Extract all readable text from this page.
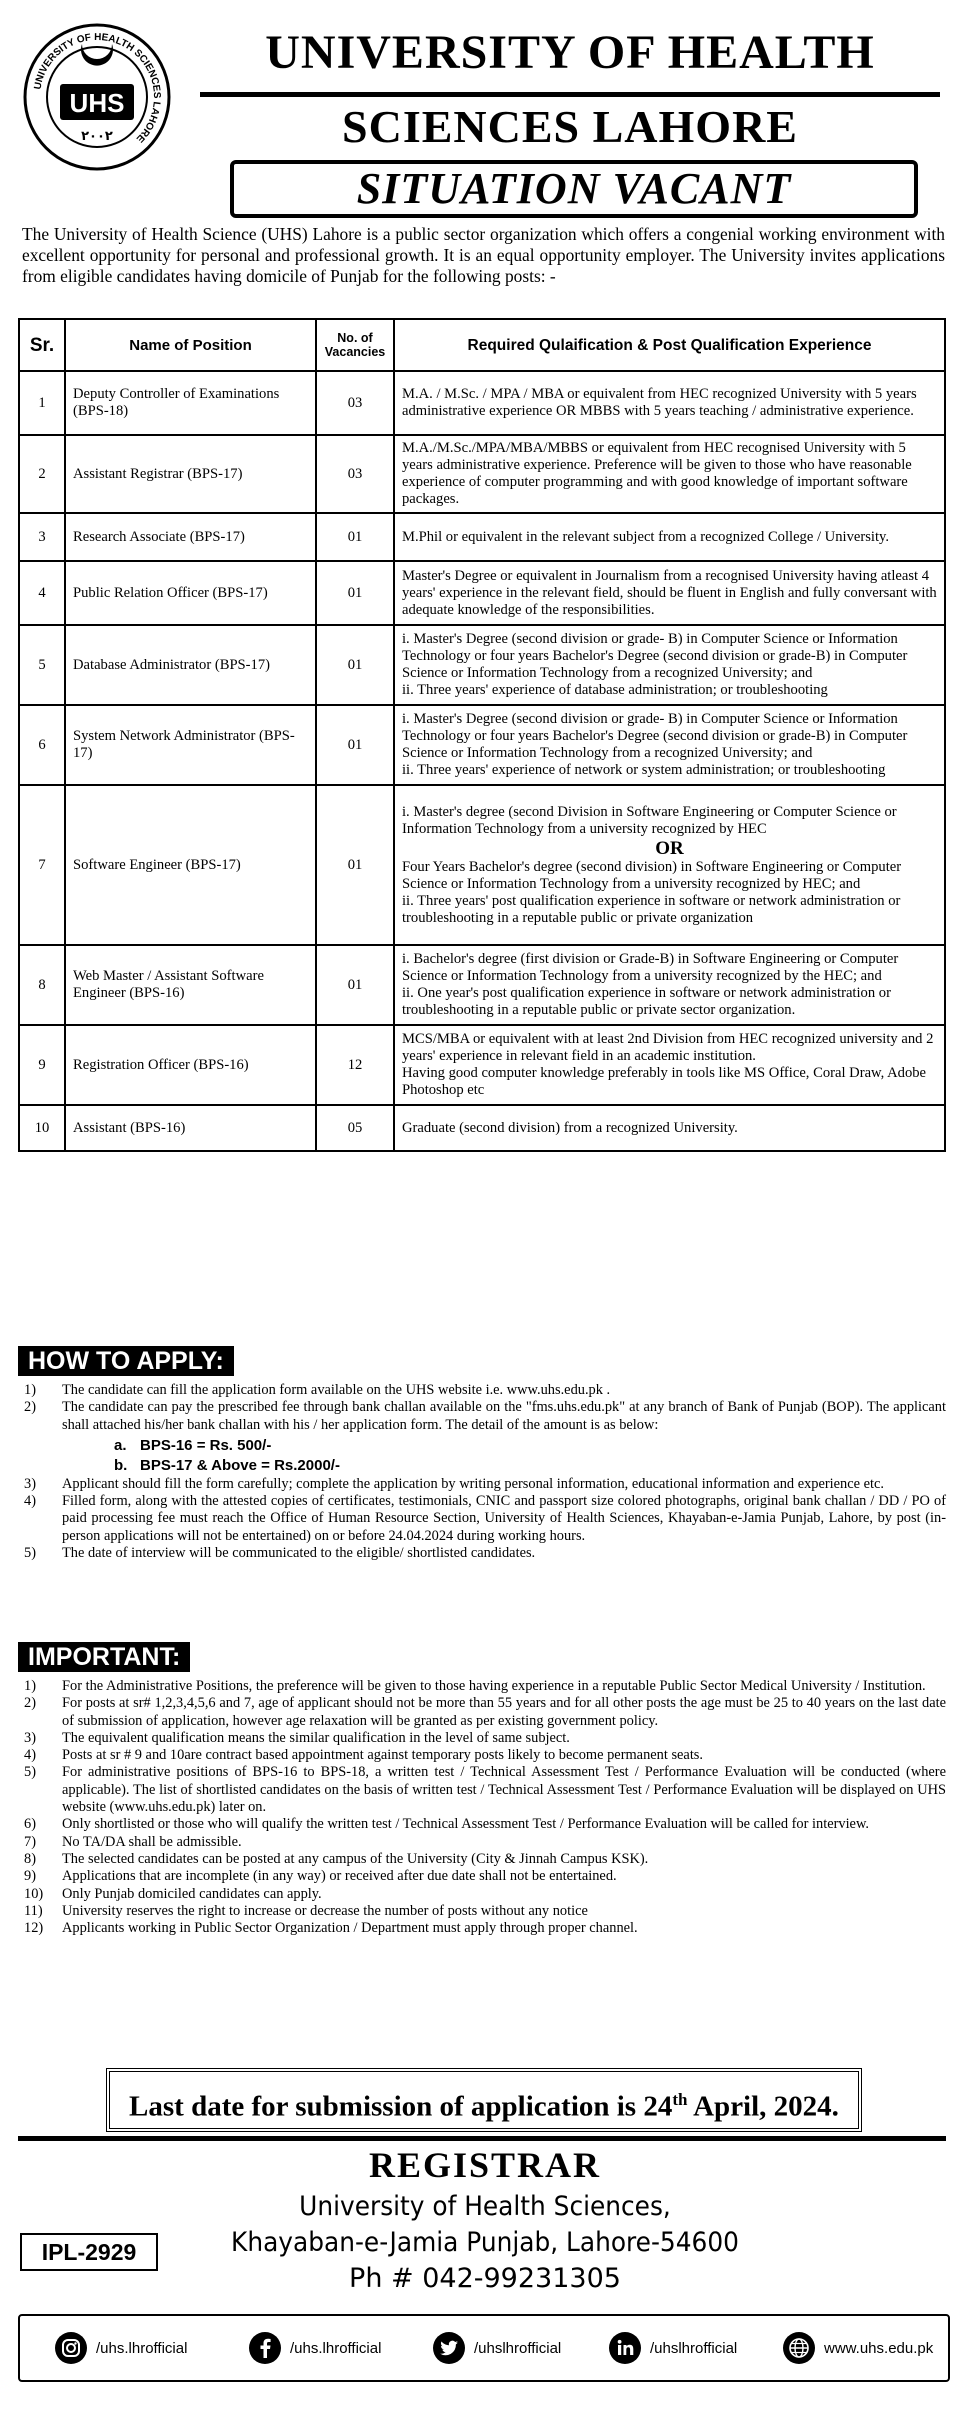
UNIVERSITY OF HEALTH SCIENCES LAHORE
UHS
۲۰۰۲
UNIVERSITY OF HEALTH
SCIENCES LAHORE
SITUATION VACANT
The University of Health Science (UHS) Lahore is a public sector organization which offers a congenial working environment with excellent opportunity for personal and professional growth. It is an equal opportunity employer. The University invites applications from eligible candidates having domicile of Punjab for the following posts: -
Sr.	Name of Position	No. of Vacancies	Required Qulaification & Post Qualification Experience
1	Deputy Controller of Examinations (BPS-18)	03	M.A. / M.Sc. / MPA / MBA or equivalent from HEC recognized University with 5 years administrative experience OR MBBS with 5 years teaching / administrative experience.

2	Assistant Registrar (BPS-17)	03	M.A./M.Sc./MPA/MBA/MBBS or equivalent from HEC recognised University with 5 years administrative experience. Preference will be given to those who have reasonable experience of computer programming and with good knowledge of important software packages.

3	Research Associate (BPS-17)	01	M.Phil or equivalent in the relevant subject from a recognized College / University.

4	Public Relation Officer (BPS-17)	01	Master's Degree or equivalent in Journalism from a recognised University having atleast 4 years' experience in the relevant field, should be fluent in English and fully conversant with adequate knowledge of the responsibilities.

5	Database Administrator (BPS-17)	01	i. Master's Degree (second division or grade- B) in Computer Science or Information Technology or four years Bachelor's Degree (second division or grade-B) in Computer Science or Information Technology from a recognized University; and
ii. Three years' experience of database administration; or troubleshooting

6	System Network Administrator (BPS-17)	01	i. Master's Degree (second division or grade- B) in Computer Science or Information Technology or four years Bachelor's Degree (second division or grade-B) in Computer Science or Information Technology from a recognized University; and
ii. Three years' experience of network or system administration; or troubleshooting

7	Software Engineer (BPS-17)	01	i. Master's degree (second Division in Software Engineering or Computer Science or Information Technology from a university recognized by HEC
OR
Four Years Bachelor's degree (second division) in Software Engineering or Computer Science or Information Technology from a university recognized by HEC; and
ii. Three years' post qualification experience in software or network administration or troubleshooting in a reputable public or private organization

8	Web Master / Assistant Software Engineer (BPS-16)	01	i. Bachelor's degree (first division or Grade-B) in Software Engineering or Computer Science or Information Technology from a university recognized by the HEC; and
ii. One year's post qualification experience in software or network administration or troubleshooting in a reputable public or private sector organization.

9	Registration Officer (BPS-16)	12	MCS/MBA or equivalent with at least 2nd Division from HEC recognized university and 2 years' experience in relevant field in an academic institution.
Having good computer knowledge preferably in tools like MS Office, Coral Draw, Adobe Photoshop etc

10	Assistant (BPS-16)	05	Graduate (second division) from a recognized University.
HOW TO APPLY:
1) The candidate can fill the application form available on the UHS website i.e. www.uhs.edu.pk .
2) The candidate can pay the prescribed fee through bank challan available on the "fms.uhs.edu.pk" at any branch of Bank of Punjab (BOP). The applicant shall attached his/her bank challan with his / her application form. The detail of the amount is as below:
a. BPS-16 = Rs. 500/-
b. BPS-17 & Above = Rs.2000/-
3) Applicant should fill the form carefully; complete the application by writing personal information, educational information and experience etc.
4) Filled form, along with the attested copies of certificates, testimonials, CNIC and passport size colored photographs, original bank challan / DD / PO of paid processing fee must reach the Office of Human Resource Section, University of Health Sciences, Khayaban-e-Jamia Punjab, Lahore, by post (in-person applications will not be entertained) on or before 24.04.2024 during working hours.
5) The date of interview will be communicated to the eligible/ shortlisted candidates.
IMPORTANT:
1) For the Administrative Positions, the preference will be given to those having experience in a reputable Public Sector Medical University / Institution.
2) For posts at sr# 1,2,3,4,5,6 and 7, age of applicant should not be more than 55 years and for all other posts the age must be 25 to 40 years on the last date of submission of application, however age relaxation will be granted as per existing government policy.
3) The equivalent qualification means the similar qualification in the level of same subject.
4) Posts at sr # 9 and 10are contract based appointment against temporary posts likely to become permanent seats.
5) For administrative positions of BPS-16 to BPS-18, a written test / Technical Assessment Test / Performance Evaluation will be conducted (where applicable). The list of shortlisted candidates on the basis of written test / Technical Assessment Test / Performance Evaluation will be displayed on UHS website (www.uhs.edu.pk) later on.
6) Only shortlisted or those who will qualify the written test / Technical Assessment Test / Performance Evaluation will be called for interview.
7) No TA/DA shall be admissible.
8) The selected candidates can be posted at any campus of the University (City & Jinnah Campus KSK).
9) Applications that are incomplete (in any way) or received after due date shall not be entertained.
10) Only Punjab domiciled candidates can apply.
11) University reserves the right to increase or decrease the number of posts without any notice
12) Applicants working in Public Sector Organization / Department must apply through proper channel.
Last date for submission of application is 24th April, 2024.
REGISTRAR
University of Health Sciences,
Khayaban-e-Jamia Punjab, Lahore-54600
Ph # 042-99231305
IPL-2929
/uhs.lhrofficial	/uhs.lhrofficial	/uhslhrofficial	/uhslhrofficial	www.uhs.edu.pk
